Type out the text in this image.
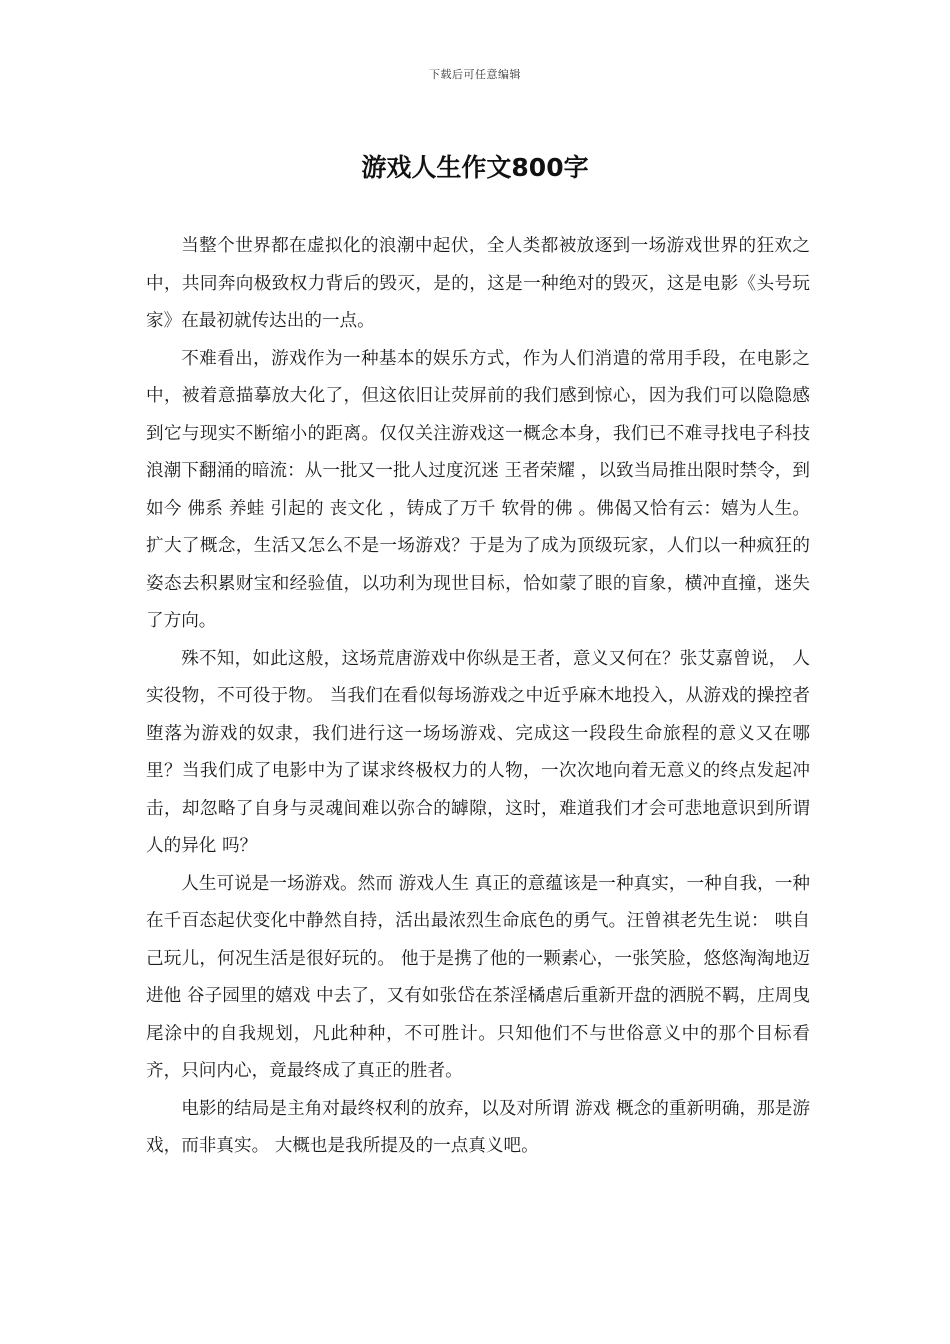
下载后可任意编辑
游戏人生作文800字

当整个世界都在虚拟化的浪潮中起伏，全人类都被放逐到一场游戏世界的狂欢之中，共同奔向极致权力背后的毁灭，是的，这是一种绝对的毁灭，这是电影《头号玩家》在最初就传达出的一点。

不难看出，游戏作为一种基本的娱乐方式，作为人们消遣的常用手段，在电影之中，被着意描摹放大化了，但这依旧让荧屏前的我们感到惊心，因为我们可以隐隐感到它与现实不断缩小的距离。仅仅关注游戏这一概念本身，我们已不难寻找电子科技浪潮下翻涌的暗流：从一批又一批人过度沉迷 王者荣耀 ，以致当局推出限时禁令，到如今 佛系 养蛙 引起的 丧文化 ，铸成了万千 软骨的佛 。佛偈又恰有云：嬉为人生。扩大了概念，生活又怎么不是一场游戏？于是为了成为顶级玩家，人们以一种疯狂的姿态去积累财宝和经验值，以功利为现世目标，恰如蒙了眼的盲象，横冲直撞，迷失了方向。

殊不知，如此这般，这场荒唐游戏中你纵是王者，意义又何在？张艾嘉曾说， 人实役物，不可役于物。 当我们在看似每场游戏之中近乎麻木地投入，从游戏的操控者堕落为游戏的奴隶，我们进行这一场场游戏、完成这一段段生命旅程的意义又在哪里？当我们成了电影中为了谋求终极权力的人物，一次次地向着无意义的终点发起冲击，却忽略了自身与灵魂间难以弥合的罅隙，这时，难道我们才会可悲地意识到所谓 人的异化 吗？

人生可说是一场游戏。然而 游戏人生 真正的意蕴该是一种真实，一种自我，一种在千百态起伏变化中静然自持，活出最浓烈生命底色的勇气。汪曾祺老先生说： 哄自己玩儿，何况生活是很好玩的。 他于是携了他的一颗素心，一张笑脸，悠悠淘淘地迈进他 谷子园里的嬉戏 中去了，又有如张岱在茶淫橘虐后重新开盘的洒脱不羁，庄周曳尾涂中的自我规划，凡此种种，不可胜计。只知他们不与世俗意义中的那个目标看齐，只问内心，竟最终成了真正的胜者。

电影的结局是主角对最终权利的放弃，以及对所谓 游戏 概念的重新明确，那是游戏，而非真实。 大概也是我所提及的一点真义吧。
